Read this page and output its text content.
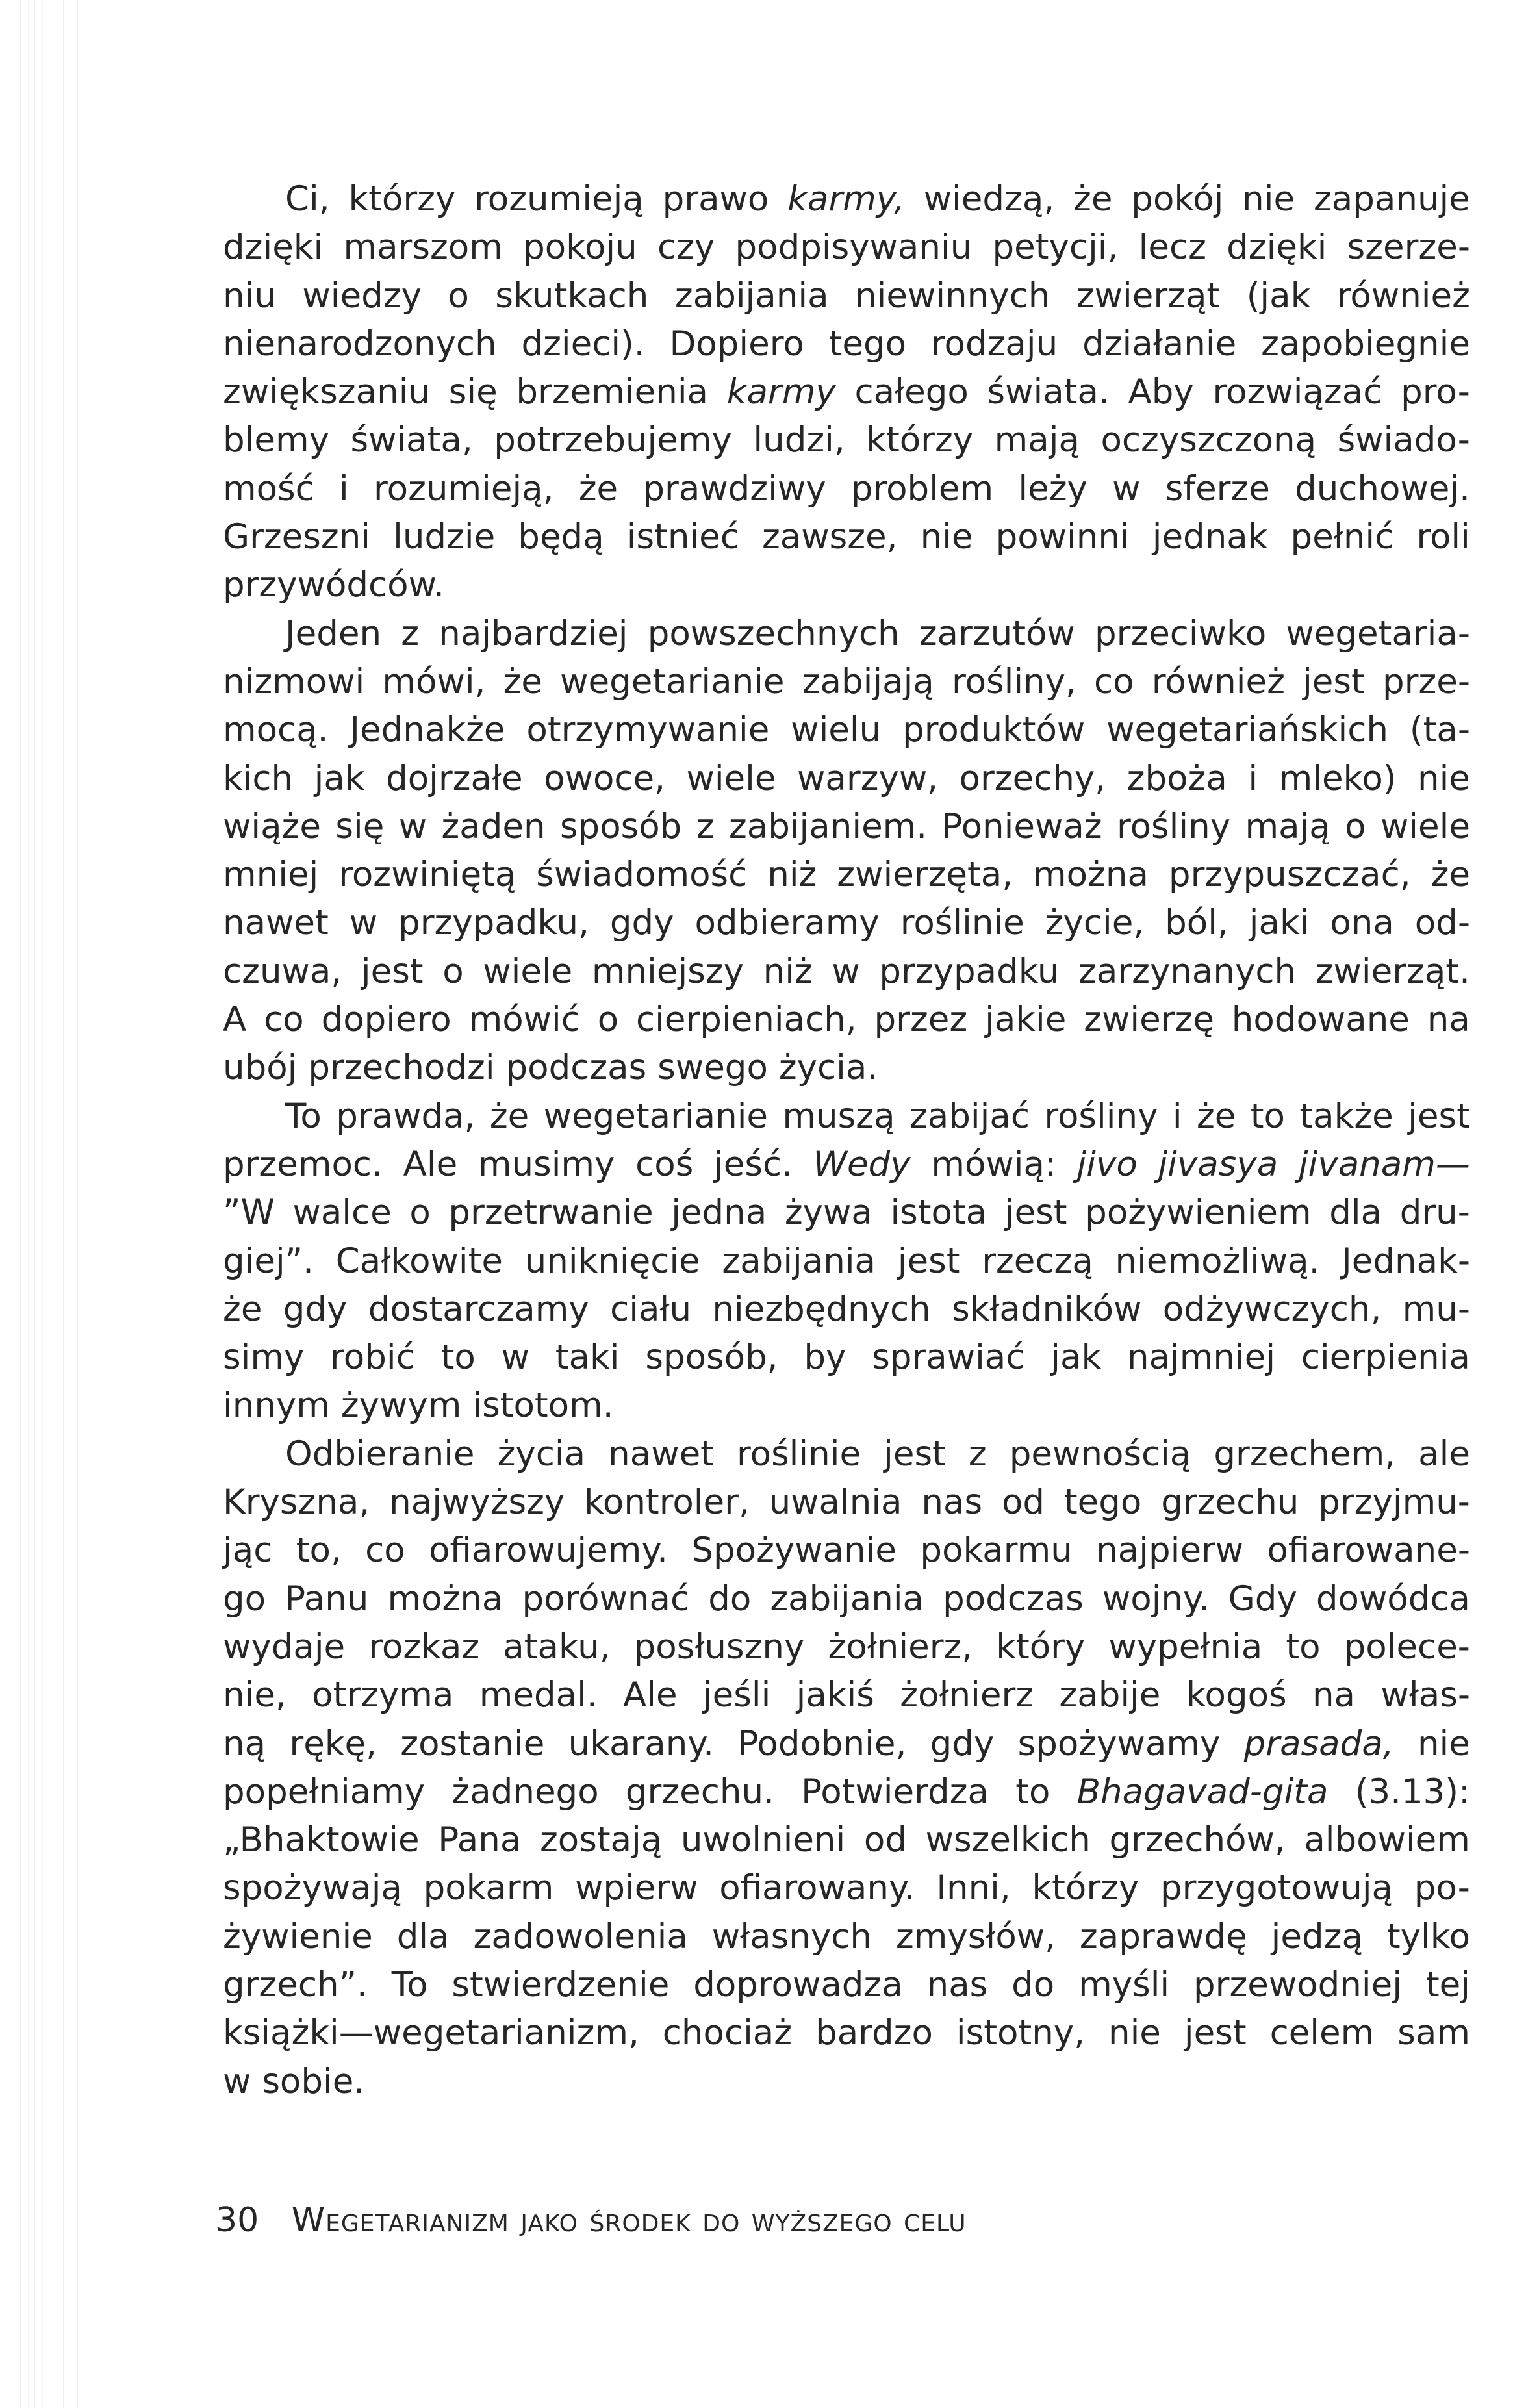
Ci, którzy rozumieją prawo karmy, wiedzą, że pokój nie zapanuje
dzięki marszom pokoju czy podpisywaniu petycji, lecz dzięki szerze-
niu wiedzy o skutkach zabijania niewinnych zwierząt (jak również
nienarodzonych dzieci). Dopiero tego rodzaju działanie zapobiegnie
zwiększaniu się brzemienia karmy całego świata. Aby rozwiązać pro-
blemy świata, potrzebujemy ludzi, którzy mają oczyszczoną świado-
mość i rozumieją, że prawdziwy problem leży w sferze duchowej.
Grzeszni ludzie będą istnieć zawsze, nie powinni jednak pełnić roli
przywódców.
Jeden z najbardziej powszechnych zarzutów przeciwko wegetaria-
nizmowi mówi, że wegetarianie zabijają rośliny, co również jest prze-
mocą. Jednakże otrzymywanie wielu produktów wegetariańskich (ta-
kich jak dojrzałe owoce, wiele warzyw, orzechy, zboża i mleko) nie
wiąże się w żaden sposób z zabijaniem. Ponieważ rośliny mają o wiele
mniej rozwiniętą świadomość niż zwierzęta, można przypuszczać, że
nawet w przypadku, gdy odbieramy roślinie życie, ból, jaki ona od-
czuwa, jest o wiele mniejszy niż w przypadku zarzynanych zwierząt.
A co dopiero mówić o cierpieniach, przez jakie zwierzę hodowane na
ubój przechodzi podczas swego życia.
To prawda, że wegetarianie muszą zabijać rośliny i że to także jest
przemoc. Ale musimy coś jeść. Wedy mówią: jivo jivasya jivanam—
”W walce o przetrwanie jedna żywa istota jest pożywieniem dla dru-
giej”. Całkowite uniknięcie zabijania jest rzeczą niemożliwą. Jednak-
że gdy dostarczamy ciału niezbędnych składników odżywczych, mu-
simy robić to w taki sposób, by sprawiać jak najmniej cierpienia
innym żywym istotom.
Odbieranie życia nawet roślinie jest z pewnością grzechem, ale
Kryszna, najwyższy kontroler, uwalnia nas od tego grzechu przyjmu-
jąc to, co ofiarowujemy. Spożywanie pokarmu najpierw ofiarowane-
go Panu można porównać do zabijania podczas wojny. Gdy dowódca
wydaje rozkaz ataku, posłuszny żołnierz, który wypełnia to polece-
nie, otrzyma medal. Ale jeśli jakiś żołnierz zabije kogoś na włas-
ną rękę, zostanie ukarany. Podobnie, gdy spożywamy prasada, nie
popełniamy żadnego grzechu. Potwierdza to Bhagavad-gita (3.13):
„Bhaktowie Pana zostają uwolnieni od wszelkich grzechów, albowiem
spożywają pokarm wpierw ofiarowany. Inni, którzy przygotowują po-
żywienie dla zadowolenia własnych zmysłów, zaprawdę jedzą tylko
grzech”. To stwierdzenie doprowadza nas do myśli przewodniej tej
książki—wegetarianizm, chociaż bardzo istotny, nie jest celem sam
w sobie.
30 Wegetarianizm jako środek do wyższego celu
